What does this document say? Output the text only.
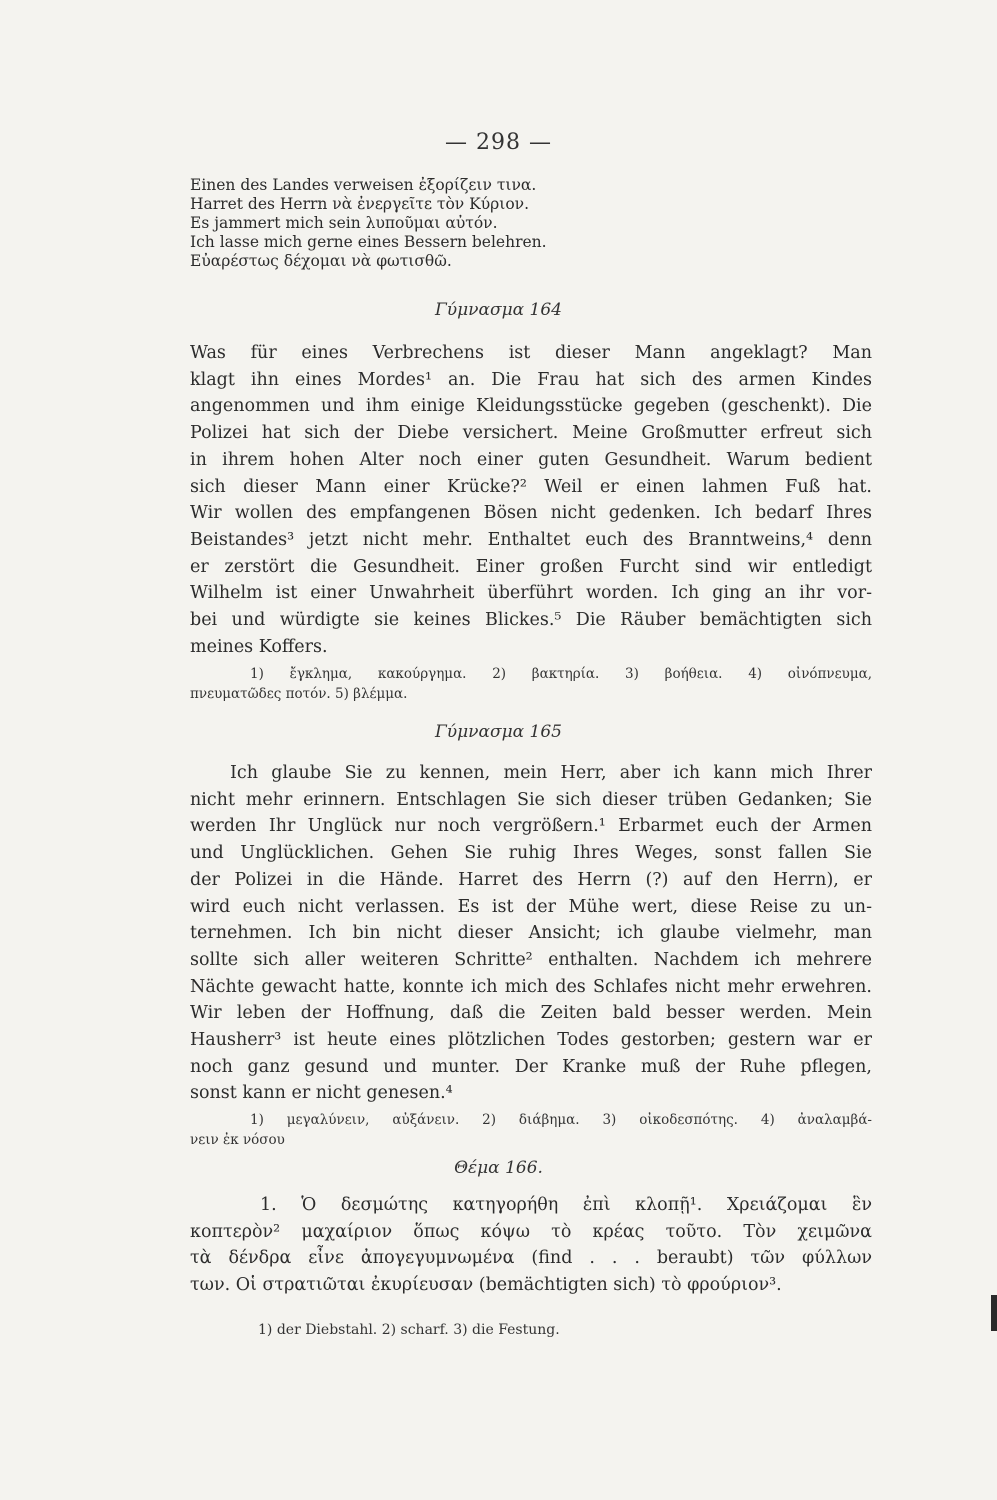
— 298 —
Einen des Landes verweisen ἐξορίζειν τινα.
Harret des Herrn νὰ ἐνεργεῖτε τὸν Κύριον.
Es jammert mich sein λυποῦμαι αὐτόν.
Ich lasse mich gerne eines Bessern belehren.
Εὐαρέστως δέχομαι νὰ φωτισθῶ.
Γύμνασμα 164
Was für eines Verbrechens ist dieser Mann angeklagt? Man
klagt ihn eines Mordes¹ an. Die Frau hat sich des armen Kindes
angenommen und ihm einige Kleidungsstücke gegeben (geschenkt). Die
Polizei hat sich der Diebe versichert. Meine Großmutter erfreut sich
in ihrem hohen Alter noch einer guten Gesundheit. Warum bedient
sich dieser Mann einer Krücke?² Weil er einen lahmen Fuß hat.
Wir wollen des empfangenen Bösen nicht gedenken. Ich bedarf Ihres
Beistandes³ jetzt nicht mehr. Enthaltet euch des Branntweins,⁴ denn
er zerstört die Gesundheit. Einer großen Furcht sind wir entledigt
Wilhelm ist einer Unwahrheit überführt worden. Ich ging an ihr vor-
bei und würdigte sie keines Blickes.⁵ Die Räuber bemächtigten sich
meines Koffers.
1) ἔγκλημα, κακούργημα. 2) βακτηρία. 3) βοήθεια. 4) οἰνόπνευμα,
πνευματῶδες ποτόν. 5) βλέμμα.
Γύμνασμα 165
Ich glaube Sie zu kennen, mein Herr, aber ich kann mich Ihrer
nicht mehr erinnern. Entschlagen Sie sich dieser trüben Gedanken; Sie
werden Ihr Unglück nur noch vergrößern.¹ Erbarmet euch der Armen
und Unglücklichen. Gehen Sie ruhig Ihres Weges, sonst fallen Sie
der Polizei in die Hände. Harret des Herrn (?) auf den Herrn), er
wird euch nicht verlassen. Es ist der Mühe wert, diese Reise zu un-
ternehmen. Ich bin nicht dieser Ansicht; ich glaube vielmehr, man
sollte sich aller weiteren Schritte² enthalten. Nachdem ich mehrere
Nächte gewacht hatte, konnte ich mich des Schlafes nicht mehr erwehren.
Wir leben der Hoffnung, daß die Zeiten bald besser werden. Mein
Hausherr³ ist heute eines plötzlichen Todes gestorben; gestern war er
noch ganz gesund und munter. Der Kranke muß der Ruhe pflegen,
sonst kann er nicht genesen.⁴
1) μεγαλύνειν, αὐξάνειν. 2) διάβημα. 3) οἰκοδεσπότης. 4) ἀναλαμβά-
νειν ἐκ νόσου
Θέμα 166.
1. Ὁ δεσμώτης κατηγορήθη ἐπὶ κλοπῇ¹. Χρειάζομαι ἓν
κοπτερὸν² μαχαίριον ὅπως κόψω τὸ κρέας τοῦτο. Τὸν χειμῶνα
τὰ δένδρα εἶνε ἀπογεγυμνωμένα (find . . . beraubt) τῶν φύλλων
των. Οἱ στρατιῶται ἐκυρίευσαν (bemächtigten sich) τὸ φρούριον³.
1) der Diebstahl. 2) scharf. 3) die Festung.
